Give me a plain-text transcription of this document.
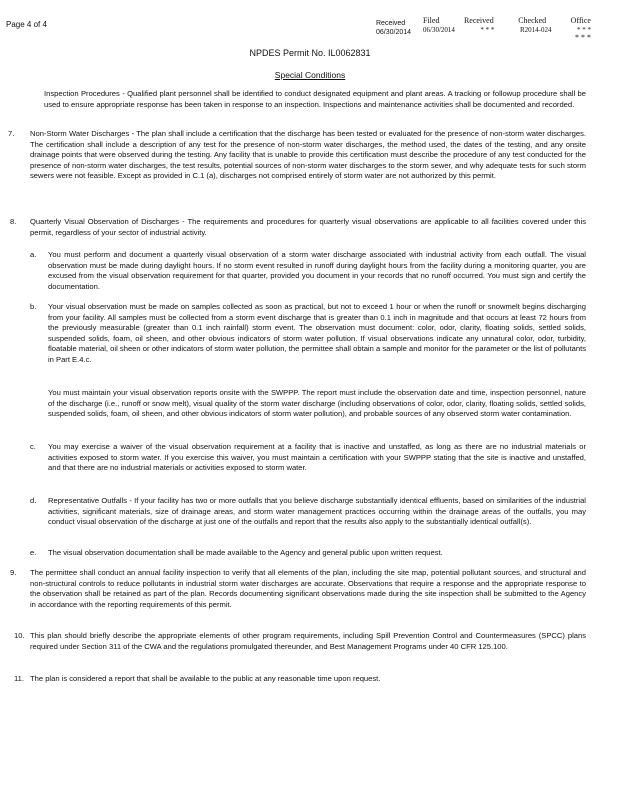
Page 4 of 4	Received
06/30/2014
Filed	Received	Checked	Office
06/30/2014	* * *	R2014-024	* * *
* * *
NPDES Permit No. IL0062831
Special Conditions
Inspection Procedures - Qualified plant personnel shall be identified to conduct designated equipment and plant areas. A tracking or followup procedure shall be used to ensure appropriate response has been taken in response to an inspection. Inspections and maintenance activities shall be documented and recorded.
7. Non-Storm Water Discharges - The plan shall include a certification that the discharge has been tested or evaluated for the presence of non-storm water discharges. The certification shall include a description of any test for the presence of non-storm water discharges, the method used, the dates of the testing, and any onsite drainage points that were observed during the testing. Any facility that is unable to provide this certification must describe the procedure of any test conducted for the presence of non-storm water discharges, the test results, potential sources of non-storm water discharges to the storm sewer, and why adequate tests for such storm sewers were not feasible. Except as provided in C.1 (a), discharges not comprised entirely of storm water are not authorized by this permit.
8. Quarterly Visual Observation of Discharges - The requirements and procedures for quarterly visual observations are applicable to all facilities covered under this permit, regardless of your sector of industrial activity.
a. You must perform and document a quarterly visual observation of a storm water discharge associated with industrial activity from each outfall. The visual observation must be made during daylight hours. If no storm event resulted in runoff during daylight hours from the facility during a monitoring quarter, you are excused from the visual observation requirement for that quarter, provided you document in your records that no runoff occurred. You must sign and certify the documentation.
b. Your visual observation must be made on samples collected as soon as practical, but not to exceed 1 hour or when the runoff or snowmelt begins discharging from your facility. All samples must be collected from a storm event discharge that is greater than 0.1 inch in magnitude and that occurs at least 72 hours from the previously measurable (greater than 0.1 inch rainfall) storm event. The observation must document: color, odor, clarity, floating solids, settled solids, suspended solids, foam, oil sheen, and other obvious indicators of storm water pollution. If visual observations indicate any unnatural color, odor, turbidity, floatable material, oil sheen or other indicators of storm water pollution, the permittee shall obtain a sample and monitor for the parameter or the list of pollutants in Part E.4.c.
You must maintain your visual observation reports onsite with the SWPPP. The report must include the observation date and time, inspection personnel, nature of the discharge (i.e., runoff or snow melt), visual quality of the storm water discharge (including observations of color, odor, clarity, floating solids, settled solids, suspended solids, foam, oil sheen, and other obvious indicators of storm water pollution), and probable sources of any observed storm water contamination.
c. You may exercise a waiver of the visual observation requirement at a facility that is inactive and unstaffed, as long as there are no industrial materials or activities exposed to storm water. If you exercise this waiver, you must maintain a certification with your SWPPP stating that the site is inactive and unstaffed, and that there are no industrial materials or activities exposed to storm water.
d. Representative Outfalls - If your facility has two or more outfalls that you believe discharge substantially identical effluents, based on similarities of the industrial activities, significant materials, size of drainage areas, and storm water management practices occurring within the drainage areas of the outfalls, you may conduct visual observation of the discharge at just one of the outfalls and report that the results also apply to the substantially identical outfall(s).
e. The visual observation documentation shall be made available to the Agency and general public upon written request.
9. The permittee shall conduct an annual facility inspection to verify that all elements of the plan, including the site map, potential pollutant sources, and structural and non-structural controls to reduce pollutants in industrial storm water discharges are accurate. Observations that require a response and the appropriate response to the observation shall be retained as part of the plan. Records documenting significant observations made during the site inspection shall be submitted to the Agency in accordance with the reporting requirements of this permit.
10. This plan should briefly describe the appropriate elements of other program requirements, including Spill Prevention Control and Countermeasures (SPCC) plans required under Section 311 of the CWA and the regulations promulgated thereunder, and Best Management Programs under 40 CFR 125.100.
11. The plan is considered a report that shall be available to the public at any reasonable time upon request.
